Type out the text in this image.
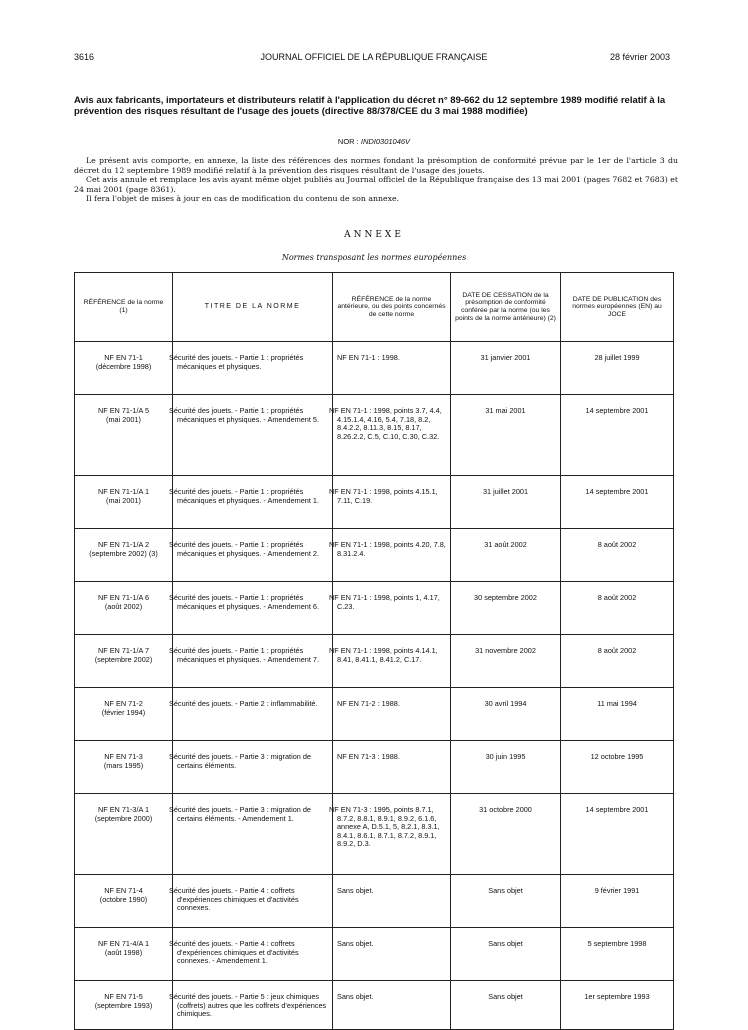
3616	JOURNAL OFFICIEL DE LA RÉPUBLIQUE FRANÇAISE	28 février 2003
Avis aux fabricants, importateurs et distributeurs relatif à l'application du décret n° 89-662 du 12 septembre 1989 modifié relatif à la prévention des risques résultant de l'usage des jouets (directive 88/378/CEE du 3 mai 1988 modifiée)
NOR : INDI0301046V

Le présent avis comporte, en annexe, la liste des références des normes fondant la présomption de conformité prévue par le 1er de l'article 3 du décret du 12 septembre 1989 modifié relatif à la prévention des risques résultant de l'usage des jouets.

Cet avis annule et remplace les avis ayant même objet publiés au Journal officiel de la République française des 13 mai 2001 (pages 7682 et 7683) et 24 mai 2001 (page 8361).

Il fera l'objet de mises à jour en cas de modification du contenu de son annexe.

ANNEXE
Normes transposant les normes européennes
RÉFÉRENCE de la norme (1)	TITRE DE LA NORME	RÉFÉRENCE de la norme antérieure, ou des points concernés de cette norme	DATE DE CESSATION de la présomption de conformité conférée par la norme (ou les points de la norme antérieure) (2)	DATE DE PUBLICATION des normes européennes (EN) au JOCE

NF EN 71-1
(décembre 1998)	Sécurité des jouets. - Partie 1 : propriétés mécaniques et physiques.	NF EN 71-1 : 1998.	31 janvier 2001	28 juillet 1999

NF EN 71-1/A 5
(mai 2001)	Sécurité des jouets. - Partie 1 : propriétés mécaniques et physiques. - Amendement 5.	NF EN 71-1 : 1998, points 3.7, 4.4, 4.15.1.4, 4.16, 5.4, 7.18, 8.2, 8.4.2.2, 8.11.3, 8.15, 8.17, 8.26.2.2, C.5, C.10, C.30, C.32.	31 mai 2001	14 septembre 2001

NF EN 71-1/A 1
(mai 2001)	Sécurité des jouets. - Partie 1 : propriétés mécaniques et physiques. - Amendement 1.	NF EN 71-1 : 1998, points 4.15.1, 7.11, C.19.	31 juillet 2001	14 septembre 2001

NF EN 71-1/A 2
(septembre 2002) (3)	Sécurité des jouets. - Partie 1 : propriétés mécaniques et physiques. - Amendement 2.	NF EN 71-1 : 1998, points 4.20, 7.8, 8.31.2.4.	31 août 2002	8 août 2002

NF EN 71-1/A 6
(août 2002)	Sécurité des jouets. - Partie 1 : propriétés mécaniques et physiques. - Amendement 6.	NF EN 71-1 : 1998, points 1, 4.17, C.23.	30 septembre 2002	8 août 2002

NF EN 71-1/A 7
(septembre 2002)	Sécurité des jouets. - Partie 1 : propriétés mécaniques et physiques. - Amendement 7.	NF EN 71-1 : 1998, points 4.14.1, 8.41, 8.41.1, 8.41.2, C.17.	31 novembre 2002	8 août 2002

NF EN 71-2
(février 1994)	Sécurité des jouets. - Partie 2 : inflammabilité.	NF EN 71-2 : 1988.	30 avril 1994	11 mai 1994

NF EN 71-3
(mars 1995)	Sécurité des jouets. - Partie 3 : migration de certains éléments.	NF EN 71-3 : 1988.	30 juin 1995	12 octobre 1995

NF EN 71-3/A 1
(septembre 2000)	Sécurité des jouets. - Partie 3 : migration de certains éléments. - Amendement 1.	NF EN 71-3 : 1995, points 8.7.1, 8.7.2, 8.8.1, 8.9.1, 8.9.2, 6.1.6, annexe A, D.5.1, 5, 8.2.1, 8.3.1, 8.4.1, 8.6.1, 8.7.1, 8.7.2, 8.9.1, 8.9.2, D.3.	31 octobre 2000	14 septembre 2001

NF EN 71-4
(octobre 1990)	Sécurité des jouets. - Partie 4 : coffrets d'expériences chimiques et d'activités connexes.	Sans objet.	Sans objet	9 février 1991

NF EN 71-4/A 1
(août 1998)	Sécurité des jouets. - Partie 4 : coffrets d'expériences chimiques et d'activités connexes. - Amendement 1.	Sans objet.	Sans objet	5 septembre 1998

NF EN 71-5
(septembre 1993)	Sécurité des jouets. - Partie 5 : jeux chimiques (coffrets) autres que les coffrets d'expériences chimiques.	Sans objet.	Sans objet	1er septembre 1993
